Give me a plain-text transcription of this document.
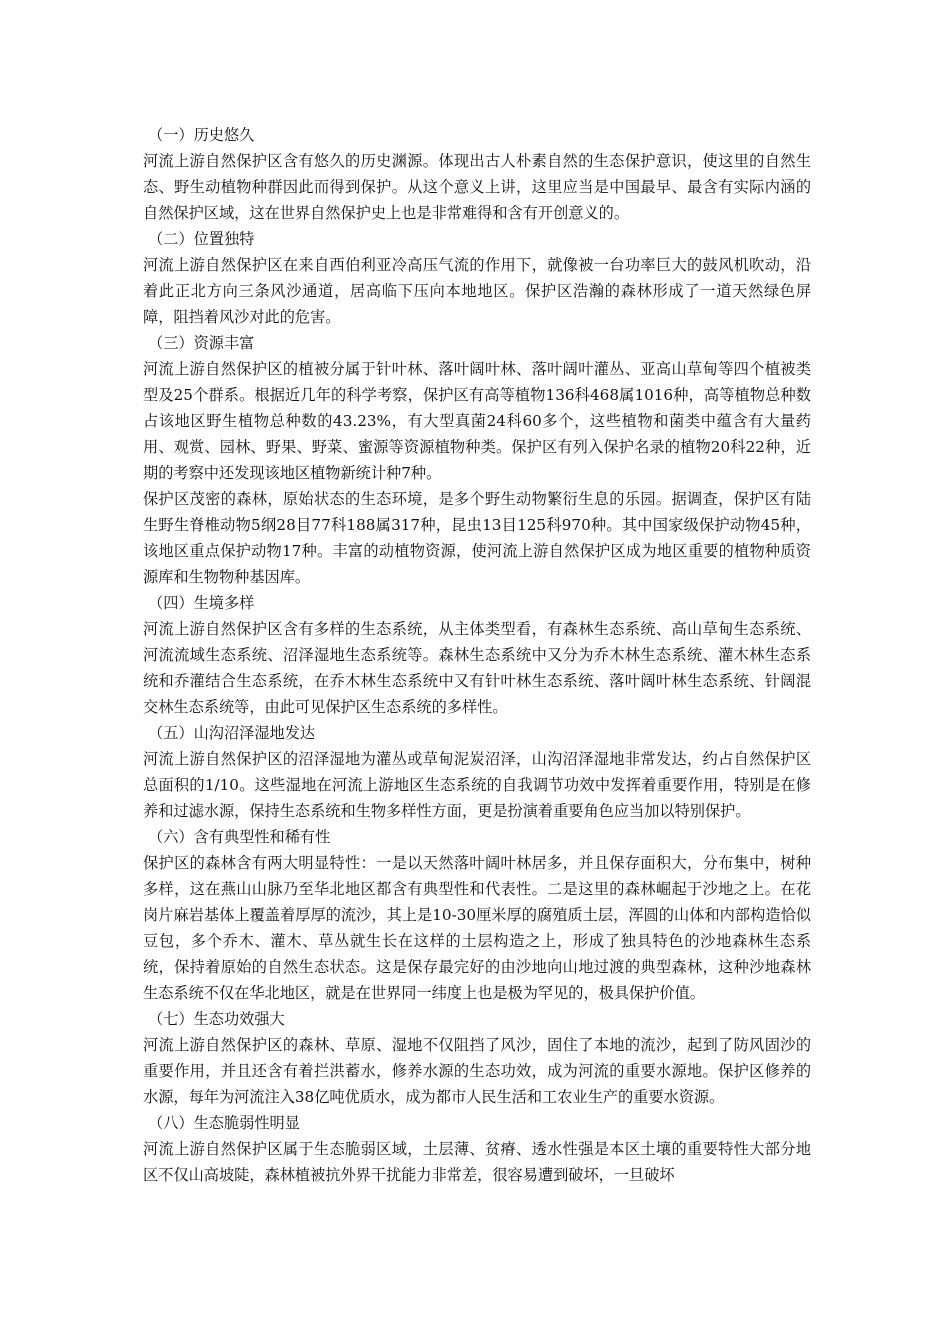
（一）历史悠久

河流上游自然保护区含有悠久的历史渊源。体现出古人朴素自然的生态保护意识，使这里的自然生态、野生动植物种群因此而得到保护。从这个意义上讲，这里应当是中国最早、最含有实际内涵的自然保护区域，这在世界自然保护史上也是非常难得和含有开创意义的。

（二）位置独特

河流上游自然保护区在来自西伯利亚冷高压气流的作用下，就像被一台功率巨大的鼓风机吹动，沿着此正北方向三条风沙通道，居高临下压向本地地区。保护区浩瀚的森林形成了一道天然绿色屏障，阻挡着风沙对此的危害。

（三）资源丰富

河流上游自然保护区的植被分属于针叶林、落叶阔叶林、落叶阔叶灌丛、亚高山草甸等四个植被类型及25个群系。根据近几年的科学考察，保护区有高等植物136科468属1016种，高等植物总种数占该地区野生植物总种数的43.23%，有大型真菌24科60多个，这些植物和菌类中蕴含有大量药用、观赏、园林、野果、野菜、蜜源等资源植物种类。保护区有列入保护名录的植物20科22种，近期的考察中还发现该地区植物新统计种7种。

保护区茂密的森林，原始状态的生态环境，是多个野生动物繁衍生息的乐园。据调查，保护区有陆生野生脊椎动物5纲28目77科188属317种，昆虫13目125科970种。其中国家级保护动物45种，该地区重点保护动物17种。丰富的动植物资源，使河流上游自然保护区成为地区重要的植物种质资源库和生物物种基因库。

（四）生境多样

河流上游自然保护区含有多样的生态系统，从主体类型看，有森林生态系统、高山草甸生态系统、河流流域生态系统、沼泽湿地生态系统等。森林生态系统中又分为乔木林生态系统、灌木林生态系统和乔灌结合生态系统，在乔木林生态系统中又有针叶林生态系统、落叶阔叶林生态系统、针阔混交林生态系统等，由此可见保护区生态系统的多样性。

（五）山沟沼泽湿地发达

河流上游自然保护区的沼泽湿地为灌丛或草甸泥炭沼泽，山沟沼泽湿地非常发达，约占自然保护区总面积的1/10。这些湿地在河流上游地区生态系统的自我调节功效中发挥着重要作用，特别是在修养和过滤水源，保持生态系统和生物多样性方面，更是扮演着重要角色应当加以特别保护。

（六）含有典型性和稀有性

保护区的森林含有两大明显特性：一是以天然落叶阔叶林居多，并且保存面积大，分布集中，树种多样，这在燕山山脉乃至华北地区都含有典型性和代表性。二是这里的森林崛起于沙地之上。在花岗片麻岩基体上覆盖着厚厚的流沙，其上是10-30厘米厚的腐殖质土层，浑圆的山体和内部构造恰似豆包，多个乔木、灌木、草丛就生长在这样的土层构造之上，形成了独具特色的沙地森林生态系统，保持着原始的自然生态状态。这是保存最完好的由沙地向山地过渡的典型森林，这种沙地森林生态系统不仅在华北地区，就是在世界同一纬度上也是极为罕见的，极具保护价值。

（七）生态功效强大

河流上游自然保护区的森林、草原、湿地不仅阻挡了风沙，固住了本地的流沙，起到了防风固沙的重要作用，并且还含有着拦洪蓄水，修养水源的生态功效，成为河流的重要水源地。保护区修养的水源，每年为河流注入38亿吨优质水，成为都市人民生活和工农业生产的重要水资源。

（八）生态脆弱性明显

河流上游自然保护区属于生态脆弱区域，土层薄、贫瘠、透水性强是本区土壤的重要特性大部分地区不仅山高坡陡，森林植被抗外界干扰能力非常差，很容易遭到破坏，一旦破坏
